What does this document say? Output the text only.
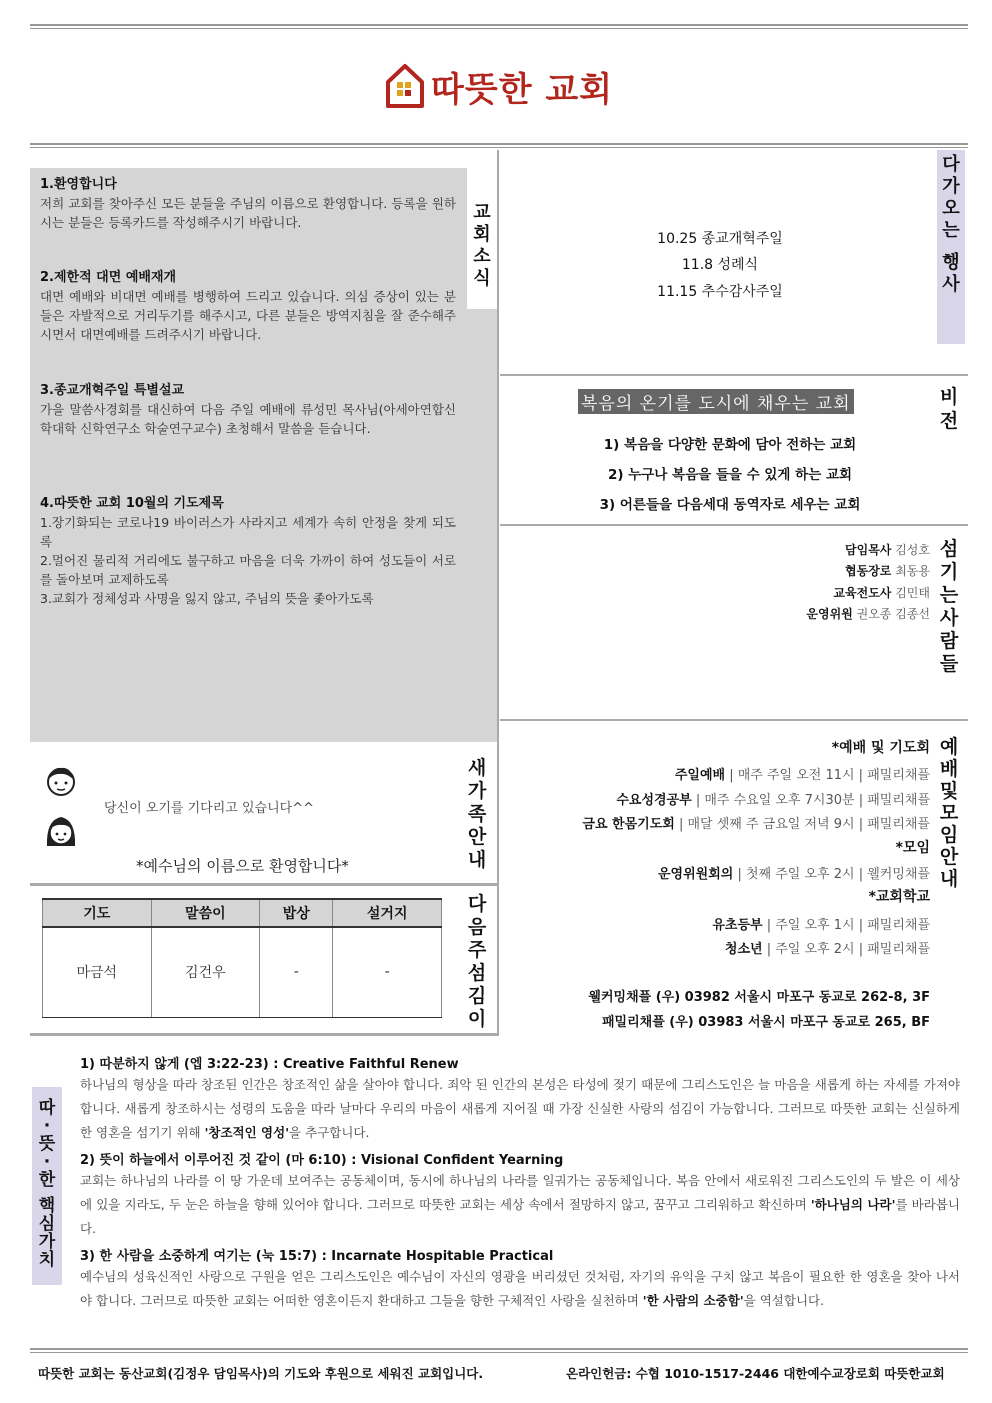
따뜻한 교회
교
회
소
식
1.환영합니다
저희 교회를 찾아주신 모든 분들을 주님의 이름으로 환영합니다. 등록을 원하시는 분들은 등록카드를 작성해주시기 바랍니다.
2.제한적 대면 예배재개
대면 예배와 비대면 예배를 병행하여 드리고 있습니다. 의심 증상이 있는 분들은 자발적으로 거리두기를 해주시고, 다른 분들은 방역지침을 잘 준수해주시면서 대면예배를 드려주시기 바랍니다.
3.종교개혁주일 특별설교
가을 말씀사경회를 대신하여 다음 주일 예배에 류성민 목사님(아세아연합신학대학 신학연구소 학술연구교수) 초청해서 말씀을 듣습니다.
4.따뜻한 교회 10월의 기도제목
1.장기화되는 코로나19 바이러스가 사라지고 세계가 속히 안정을 찾게 되도록
2.멀어진 물리적 거리에도 불구하고 마음을 더욱 가까이 하여 성도들이 서로를 돌아보며 교제하도록
3.교회가 정체성과 사명을 잃지 않고, 주님의 뜻을 좇아가도록
다
가
오
는
행
사
10.25 종교개혁주일
11.8 성례식
11.15 추수감사주일
비
전
복음의 온기를 도시에 채우는 교회
1) 복음을 다양한 문화에 담아 전하는 교회
2) 누구나 복음을 들을 수 있게 하는 교회
3) 어른들을 다음세대 동역자로 세우는 교회
섬
기
는
사
람
들
담임목사 김성호
협동장로 최동용
교육전도사 김민태
운영위원 권오종 김종선
예
배
및
모
임
안
내
*예배 및 기도회
주일예배 | 매주 주일 오전 11시 | 패밀리채플
수요성경공부 | 매주 수요일 오후 7시30분 | 패밀리채플
금요 한몸기도회 | 매달 셋째 주 금요일 저녁 9시 | 패밀리채플
*모임
운영위원회의 | 첫째 주일 오후 2시 | 웰커밍채플
*교회학교
유초등부 | 주일 오후 1시 | 패밀리채플
청소년 | 주일 오후 2시 | 패밀리채플
웰커밍채플 (우) 03982 서울시 마포구 동교로 262-8, 3F
패밀리채플 (우) 03983 서울시 마포구 동교로 265, BF
당신이 오기를 기다리고 있습니다^^
*예수님의 이름으로 환영합니다*
새
가
족
안
내
기도	말씀이	밥상	설거지
마금석	김건우	-	-
다
음
주
섬
김
이
따
·
뜻
·
한
핵
심
가
치
1) 따분하지 않게 (엡 3:22-23) : Creative Faithful Renew
하나님의 형상을 따라 창조된 인간은 창조적인 삶을 살아야 합니다. 죄악 된 인간의 본성은 타성에 젖기 때문에 그리스도인은 늘 마음을 새롭게 하는 자세를 가져야합니다. 새롭게 창조하시는 성령의 도움을 따라 날마다 우리의 마음이 새롭게 지어질 때 가장 신실한 사랑의 섬김이 가능합니다. 그러므로 따뜻한 교회는 신실하게 한 영혼을 섬기기 위해 '창조적인 영성'을 추구합니다.
2) 뜻이 하늘에서 이루어진 것 같이 (마 6:10) : Visional Confident Yearning
교회는 하나님의 나라를 이 땅 가운데 보여주는 공동체이며, 동시에 하나님의 나라를 일궈가는 공동체입니다. 복음 안에서 새로워진 그리스도인의 두 발은 이 세상에 있을 지라도, 두 눈은 하늘을 향해 있어야 합니다. 그러므로 따뜻한 교회는 세상 속에서 절망하지 않고, 꿈꾸고 그리워하고 확신하며 '하나님의 나라'를 바라봅니다.
3) 한 사람을 소중하게 여기는 (눅 15:7) : Incarnate Hospitable Practical
예수님의 성육신적인 사랑으로 구원을 얻은 그리스도인은 예수님이 자신의 영광을 버리셨던 것처럼, 자기의 유익을 구치 않고 복음이 필요한 한 영혼을 찾아 나서야 합니다. 그러므로 따뜻한 교회는 어떠한 영혼이든지 환대하고 그들을 향한 구체적인 사랑을 실천하며 '한 사람의 소중함'을 역설합니다.
따뜻한 교회는 동산교회(김정우 담임목사)의 기도와 후원으로 세워진 교회입니다.	온라인헌금: 수협 1010-1517-2446 대한예수교장로회 따뜻한교회
